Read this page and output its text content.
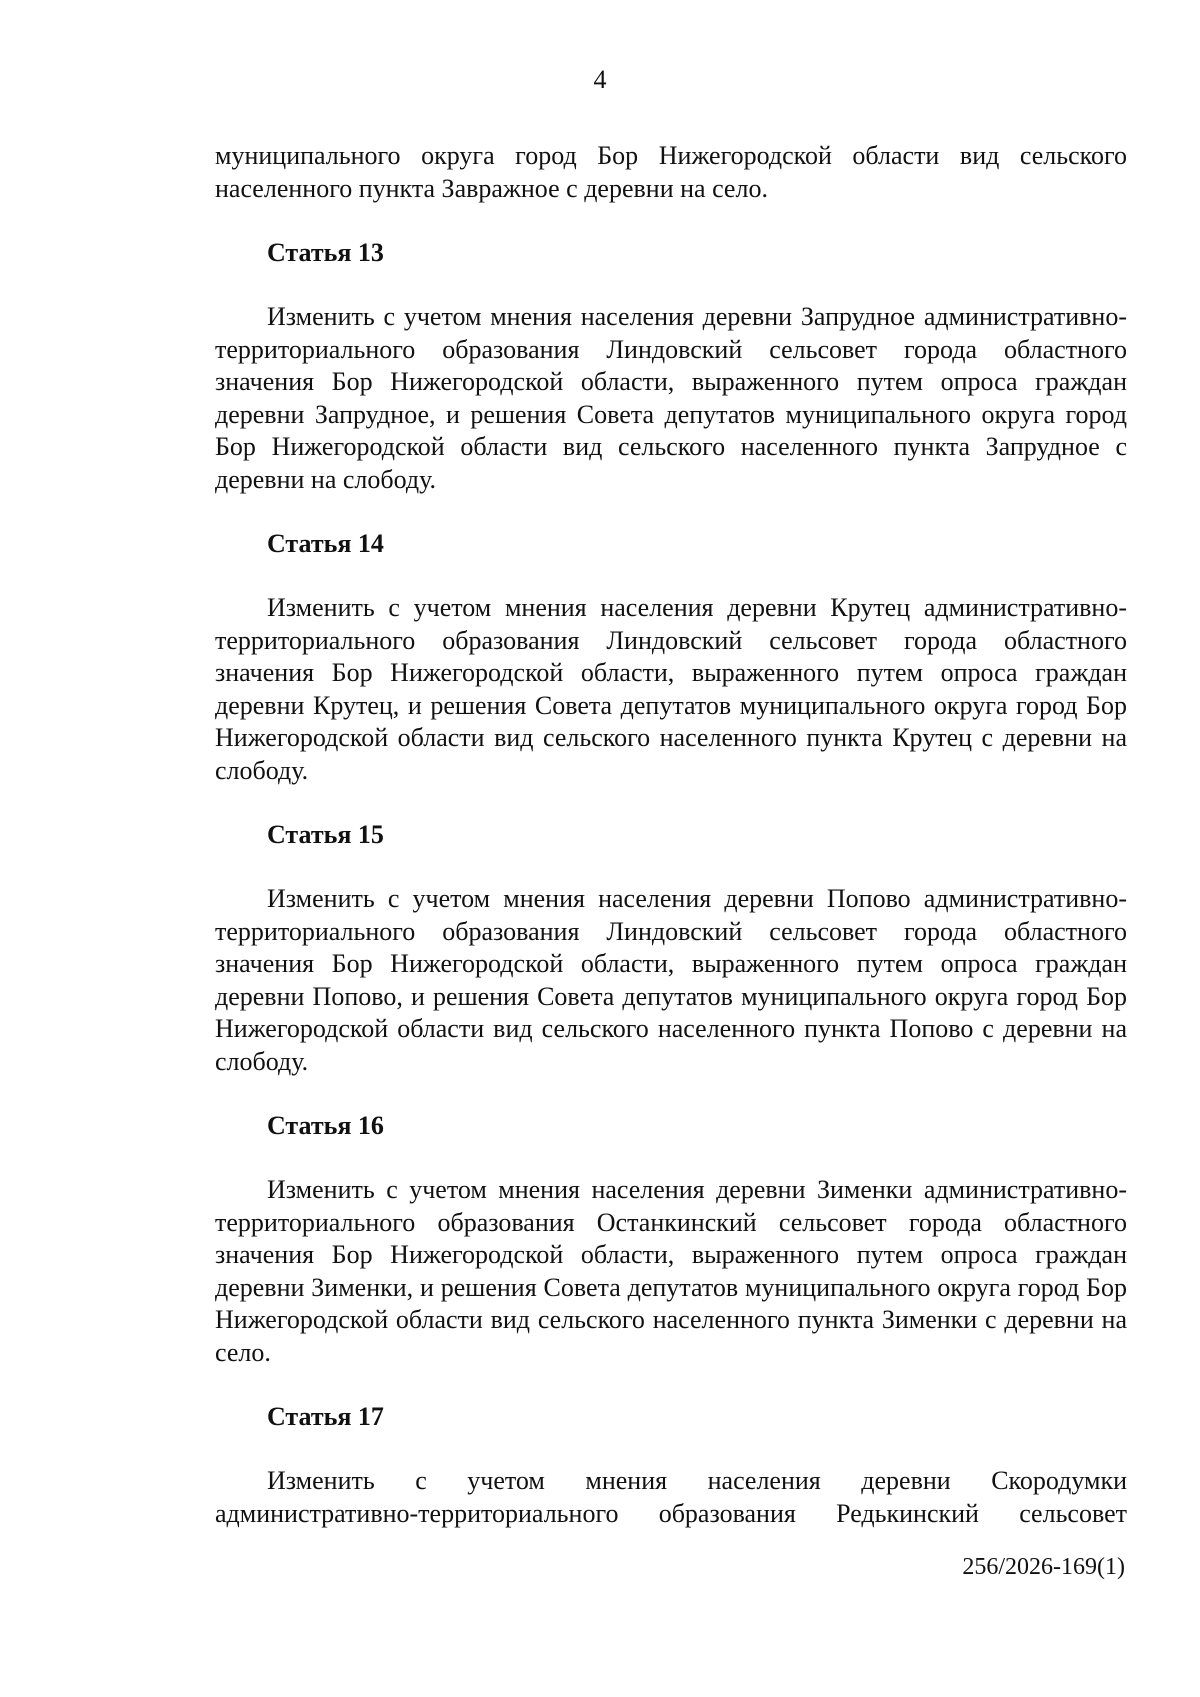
4

муниципального округа город Бор Нижегородской области вид сельского населенного пункта Завражное с деревни на село.

Статья 13

Изменить с учетом мнения населения деревни Запрудное административно-территориального образования Линдовский сельсовет города областного значения Бор Нижегородской области, выраженного путем опроса граждан деревни Запрудное, и решения Совета депутатов муниципального округа город Бор Нижегородской области вид сельского населенного пункта Запрудное с деревни на слободу.

Статья 14

Изменить с учетом мнения населения деревни Крутец административно-территориального образования Линдовский сельсовет города областного значения Бор Нижегородской области, выраженного путем опроса граждан деревни Крутец, и решения Совета депутатов муниципального округа город Бор Нижегородской области вид сельского населенного пункта Крутец с деревни на слободу.

Статья 15

Изменить с учетом мнения населения деревни Попово административно-территориального образования Линдовский сельсовет города областного значения Бор Нижегородской области, выраженного путем опроса граждан деревни Попово, и решения Совета депутатов муниципального округа город Бор Нижегородской области вид сельского населенного пункта Попово с деревни на слободу.

Статья 16

Изменить с учетом мнения населения деревни Зименки административно-территориального образования Останкинский сельсовет города областного значения Бор Нижегородской области, выраженного путем опроса граждан деревни Зименки, и решения Совета депутатов муниципального округа город Бор Нижегородской области вид сельского населенного пункта Зименки с деревни на село.

Статья 17

Изменить с учетом мнения населения деревни Скородумки административно-территориального образования Редькинский сельсовет

256/2026-169(1)
